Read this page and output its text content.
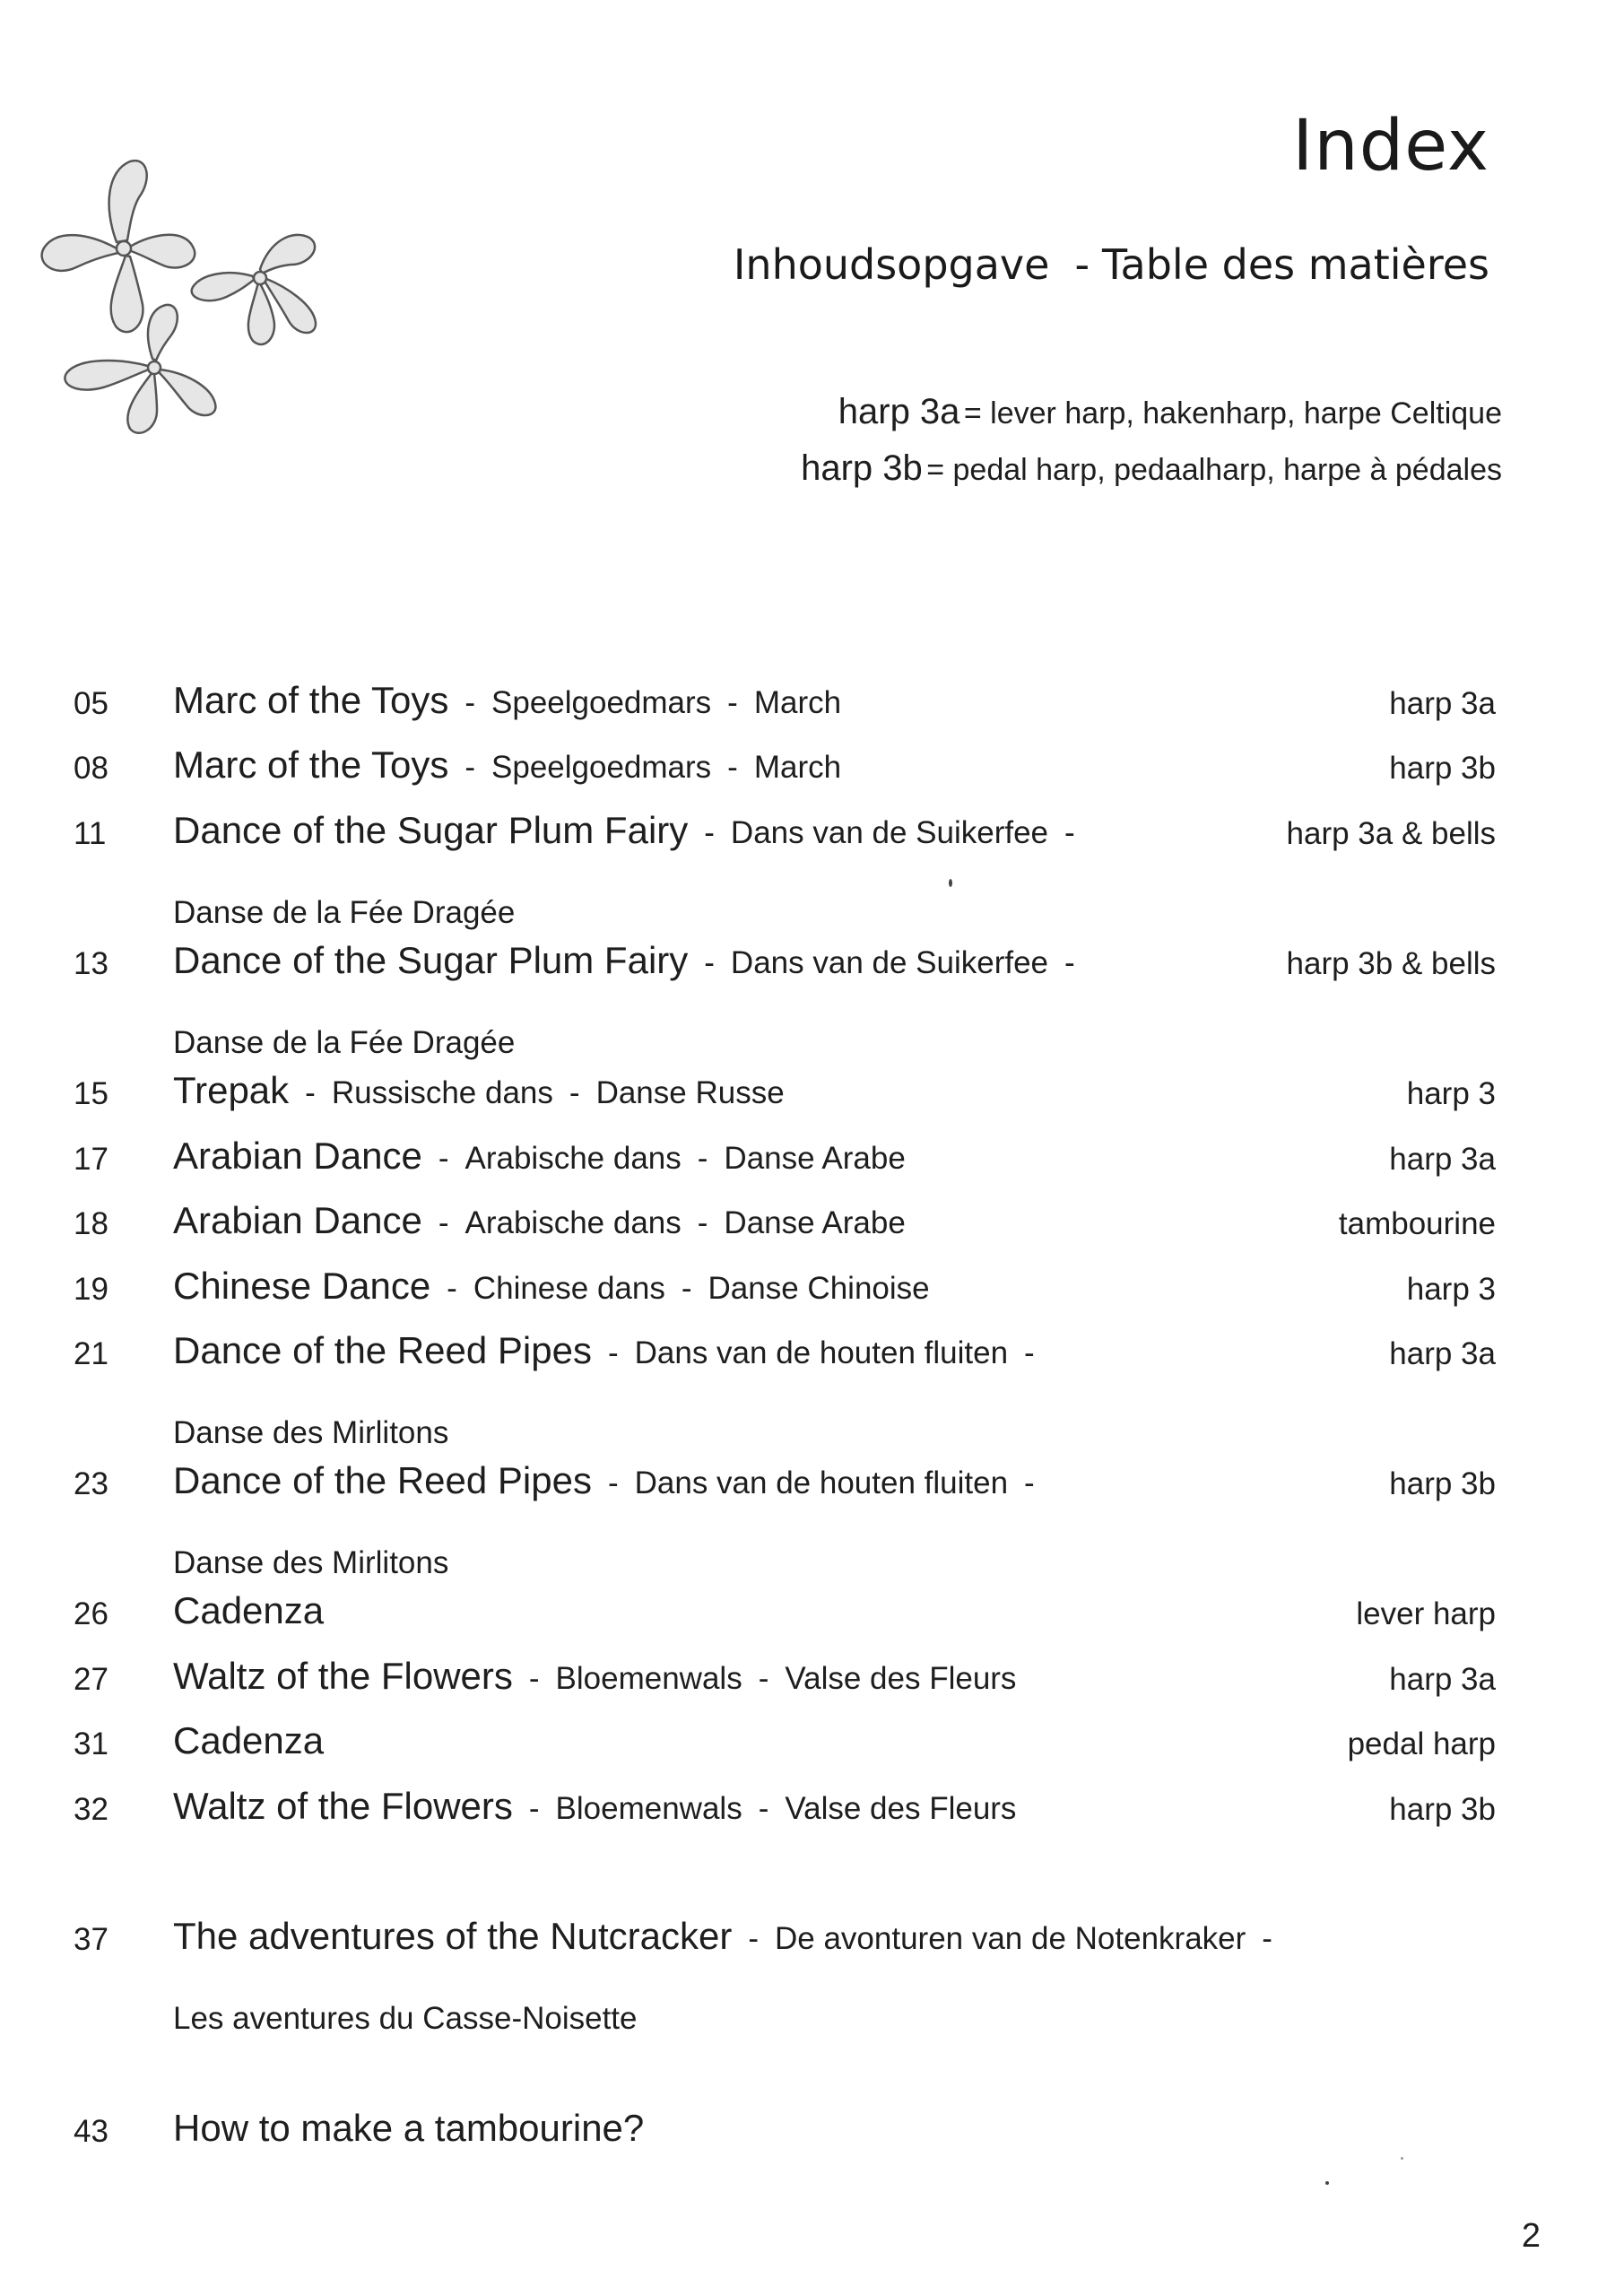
Index
Inhoudsopgave - Table des matières
harp 3a = lever harp, hakenharp, harpe Celtique
harp 3b = pedal harp, pedaalharp, harpe à pédales
05 Marc of the Toys - Speelgoedmars - March	harp 3a
08 Marc of the Toys - Speelgoedmars - March	harp 3b
11 Dance of the Sugar Plum Fairy - Dans van de Suikerfee -	harp 3a & bells
Danse de la Fée Dragée
13 Dance of the Sugar Plum Fairy - Dans van de Suikerfee -	harp 3b & bells
Danse de la Fée Dragée
15 Trepak - Russische dans - Danse Russe	harp 3
17 Arabian Dance - Arabische dans - Danse Arabe	harp 3a
18 Arabian Dance - Arabische dans - Danse Arabe	tambourine
19 Chinese Dance - Chinese dans - Danse Chinoise	harp 3
21 Dance of the Reed Pipes - Dans van de houten fluiten -	harp 3a
Danse des Mirlitons
23 Dance of the Reed Pipes - Dans van de houten fluiten -	harp 3b
Danse des Mirlitons
26 Cadenza	lever harp
27 Waltz of the Flowers - Bloemenwals - Valse des Fleurs	harp 3a
31 Cadenza	pedal harp
32 Waltz of the Flowers - Bloemenwals - Valse des Fleurs	harp 3b
37 The adventures of the Nutcracker - De avonturen van de Notenkraker -
Les aventures du Casse-Noisette
43 How to make a tambourine?
2
